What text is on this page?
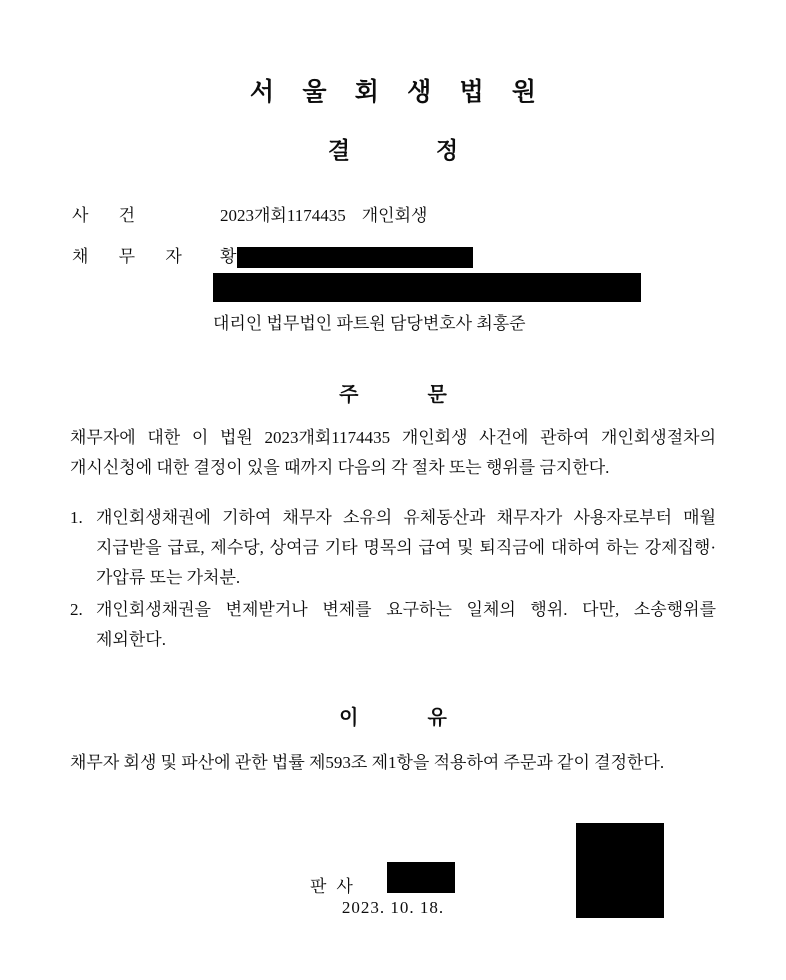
서 울 회 생 법 원
결 정
사 건	2023개회1174435 개인회생
채 무 자	황
대리인 법무법인 파트원 담당변호사 최홍준
주 문
채무자에 대한 이 법원 2023개회1174435 개인회생 사건에 관하여 개인회생절차의 개시신청에 대한 결정이 있을 때까지 다음의 각 절차 또는 행위를 금지한다.
1. 개인회생채권에 기하여 채무자 소유의 유체동산과 채무자가 사용자로부터 매월 지급받을 급료, 제수당, 상여금 기타 명목의 급여 및 퇴직금에 대하여 하는 강제집행·가압류 또는 가처분.
2. 개인회생채권을 변제받거나 변제를 요구하는 일체의 행위. 다만, 소송행위를 제외한다.
이 유
채무자 회생 및 파산에 관한 법률 제593조 제1항을 적용하여 주문과 같이 결정한다.
2023. 10. 18.
판사
